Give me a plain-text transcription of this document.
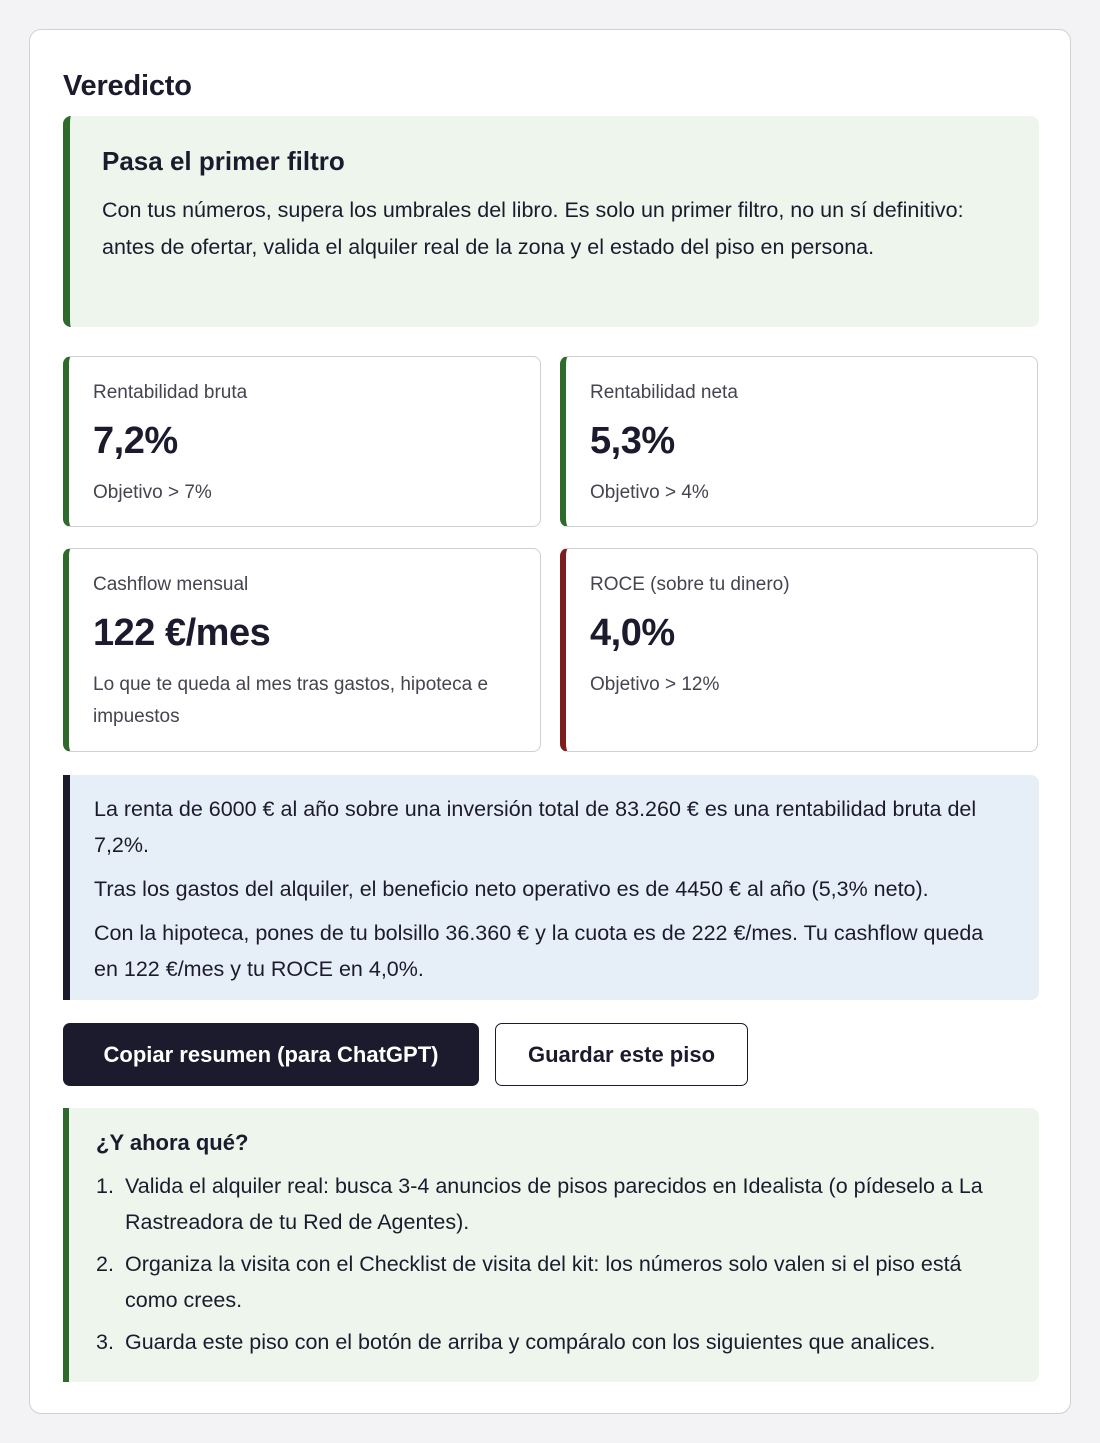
Veredicto
Pasa el primer filtro
Con tus números, supera los umbrales del libro. Es solo un primer filtro, no un sí definitivo: antes de ofertar, valida el alquiler real de la zona y el estado del piso en persona.
Rentabilidad bruta
7,2%
Objetivo > 7%
Rentabilidad neta
5,3%
Objetivo > 4%
Cashflow mensual
122 €/mes
Lo que te queda al mes tras gastos, hipoteca e impuestos
ROCE (sobre tu dinero)
4,0%
Objetivo > 12%

La renta de 6000 € al año sobre una inversión total de 83.260 € es una rentabilidad bruta del 7,2%.

Tras los gastos del alquiler, el beneficio neto operativo es de 4450 € al año (5,3% neto).

Con la hipoteca, pones de tu bolsillo 36.360 € y la cuota es de 222 €/mes. Tu cashflow queda en 122 €/mes y tu ROCE en 4,0%.

Copiar resumen (para ChatGPT)	Guardar este piso
¿Y ahora qué?
1. Valida el alquiler real: busca 3-4 anuncios de pisos parecidos en Idealista (o pídeselo a La Rastreadora de tu Red de Agentes).
2. Organiza la visita con el Checklist de visita del kit: los números solo valen si el piso está como crees.
3. Guarda este piso con el botón de arriba y compáralo con los siguientes que analices.
